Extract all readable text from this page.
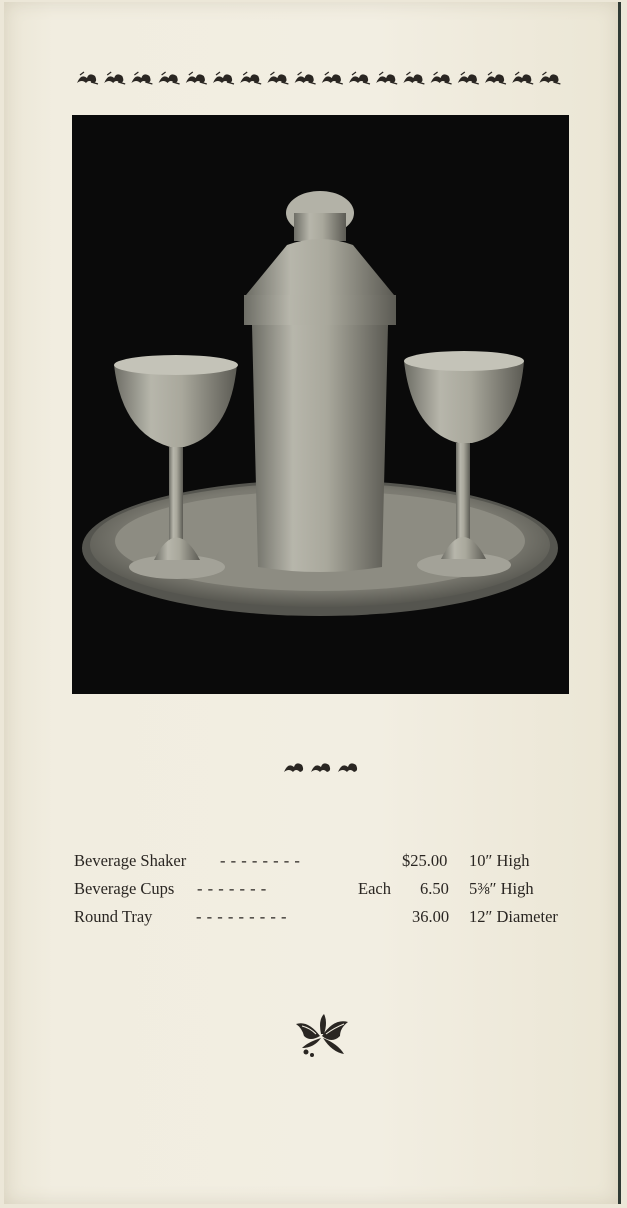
Beverage Shaker - - - - - - - -	$25.00 10″ High
Beverage Cups - - - - - - -	Each 6.50 5⅜″ High
Round Tray	- - - - - - - - -	36.00 12″ Diameter
